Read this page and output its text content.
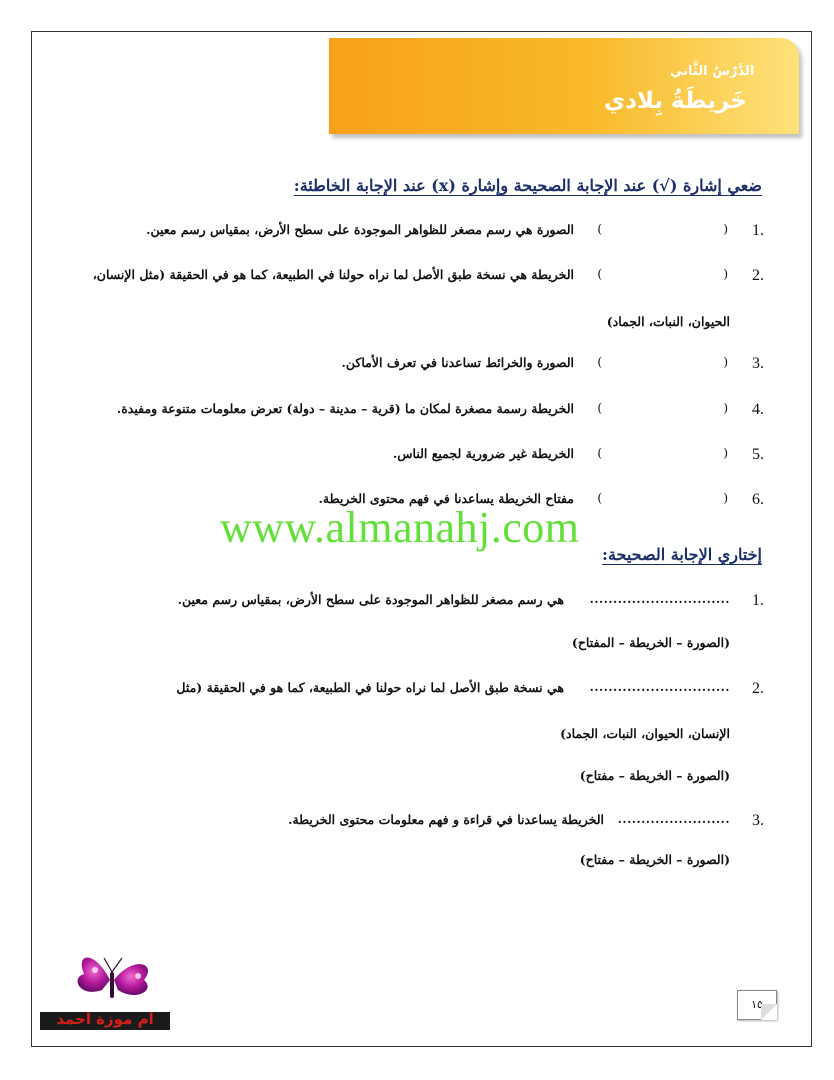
الدَّرْسُ الثَّاني
خَريطَةُ بِلادي
ضعي إشارة (√) عند الإجابة الصحيحة وإشارة (x) عند الإجابة الخاطئة:
1.
(
)
الصورة هي رسم مصغر للظواهر الموجودة على سطح الأرض، بمقياس رسم معين.
2.
(
)
الخريطة هي نسخة طبق الأصل لما نراه حولنا في الطبيعة، كما هو في الحقيقة (مثل الإنسان،
الحيوان، النبات، الجماد)
3.
(
)
الصورة والخرائط تساعدنا في تعرف الأماكن.
4.
(
)
الخريطة رسمة مصغرة لمكان ما (قرية – مدينة – دولة) تعرض معلومات متنوعة ومفيدة.
5.
(
)
الخريطة غير ضرورية لجميع الناس.
6.
(
)
مفتاح الخريطة يساعدنا في فهم محتوى الخريطة.
www.almanahj.com
إختاري الإجابة الصحيحة:
1.
..............................
هي رسم مصغر للظواهر الموجودة على سطح الأرض، بمقياس رسم معين.
(الصورة – الخريطة – المفتاح)
2.
..............................
هي نسخة طبق الأصل لما نراه حولنا في الطبيعة، كما هو في الحقيقة (مثل
الإنسان، الحيوان، النبات، الجماد)
(الصورة – الخريطة – مفتاح)
3.
........................
الخريطة يساعدنا في قراءة و فهم معلومات محتوى الخريطة.
(الصورة – الخريطة – مفتاح)
ام موزة احمد
١٥
